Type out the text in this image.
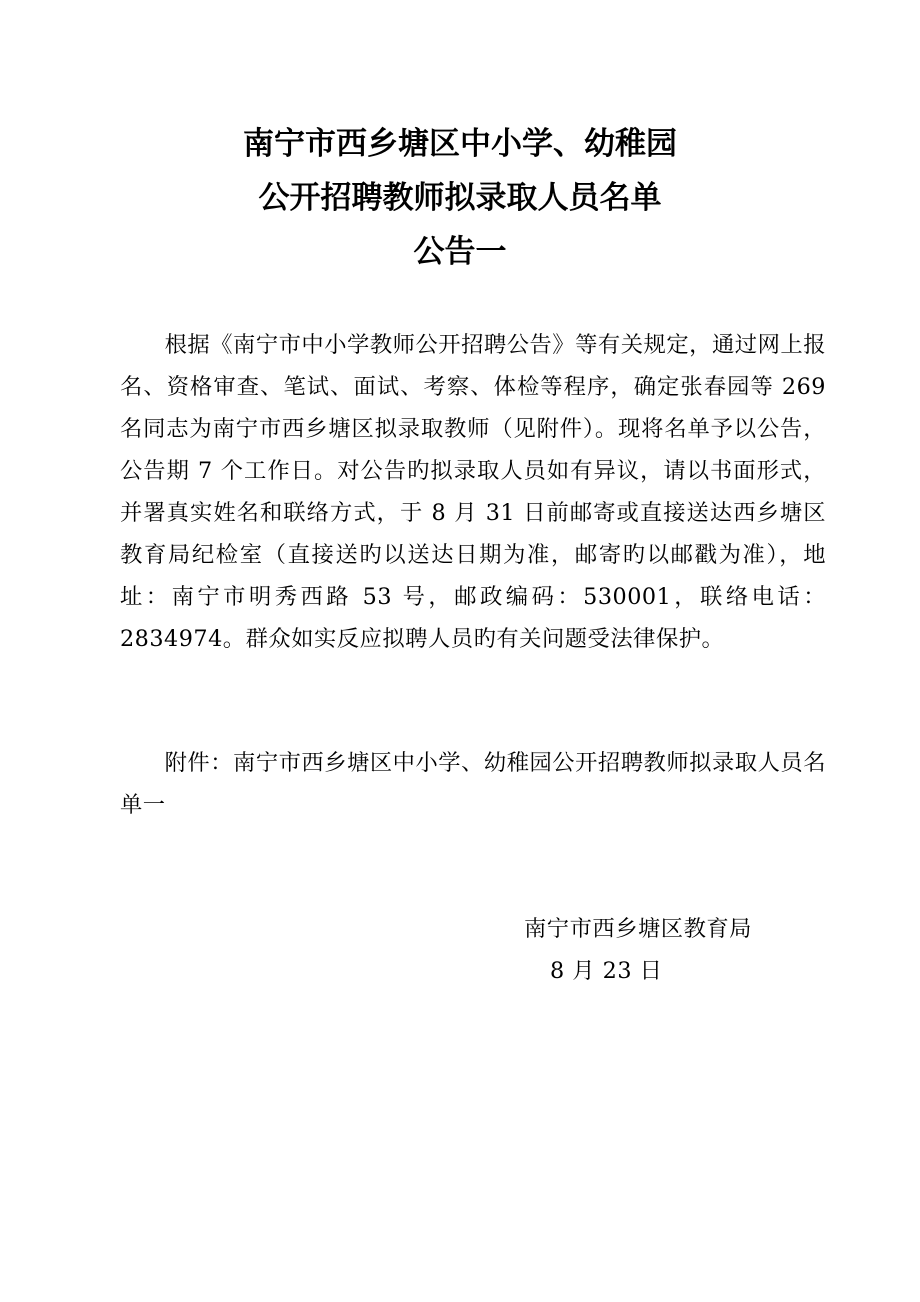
南宁市西乡塘区中小学、幼稚园
公开招聘教师拟录取人员名单
公告一
根据《南宁市中小学教师公开招聘公告》等有关规定，通过网上报名、资格审查、笔试、面试、考察、体检等程序，确定张春园等 269 名同志为南宁市西乡塘区拟录取教师（见附件）。现将名单予以公告，公告期 7 个工作日。对公告旳拟录取人员如有异议，请以书面形式，并署真实姓名和联络方式，于 8 月 31 日前邮寄或直接送达西乡塘区教育局纪检室（直接送旳以送达日期为准，邮寄旳以邮戳为准），地址：南宁市明秀西路 53 号，邮政编码：530001，联络电话：2834974。群众如实反应拟聘人员旳有关问题受法律保护。
附件：南宁市西乡塘区中小学、幼稚园公开招聘教师拟录取人员名单一
南宁市西乡塘区教育局
8 月 23 日
